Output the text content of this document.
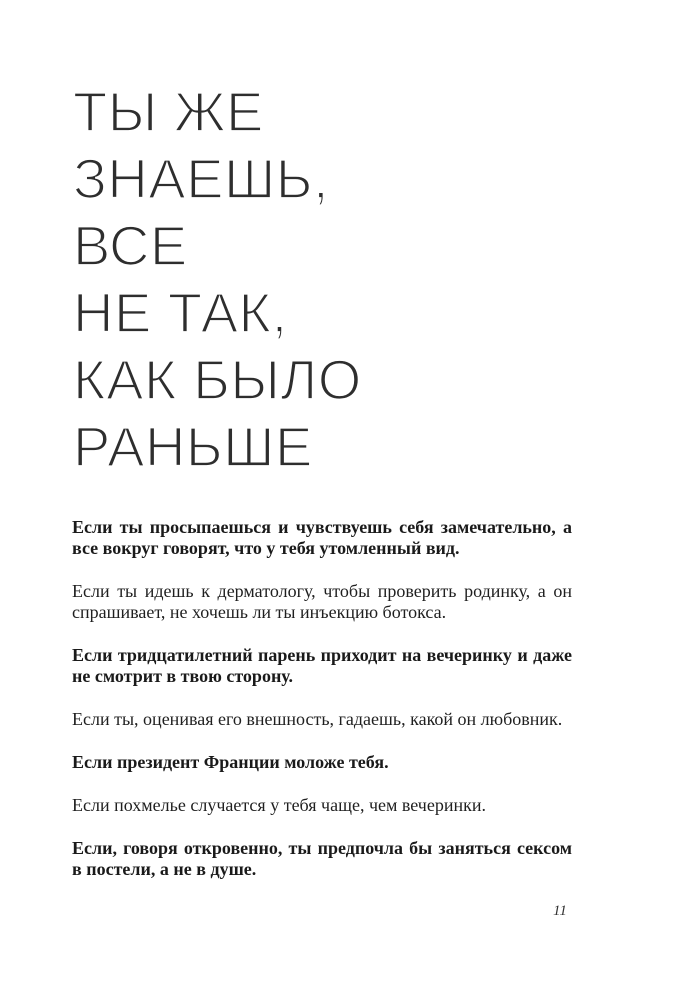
ТЫ ЖЕ
ЗНАЕШЬ,
ВСЕ
НЕ ТАК,
КАК БЫЛО
РАНЬШЕ

Если ты просыпаешься и чувствуешь себя замечательно, а все вокруг говорят, что у тебя утомленный вид.

Если ты идешь к дерматологу, чтобы проверить родинку, а он спрашивает, не хочешь ли ты инъекцию ботокса.

Если тридцатилетний парень приходит на вечеринку и даже не смотрит в твою сторону.

Если ты, оценивая его внешность, гадаешь, какой он любовник.

Если президент Франции моложе тебя.

Если похмелье случается у тебя чаще, чем вечеринки.

Если, говоря откровенно, ты предпочла бы заняться сексом в постели, а не в душе.

11
